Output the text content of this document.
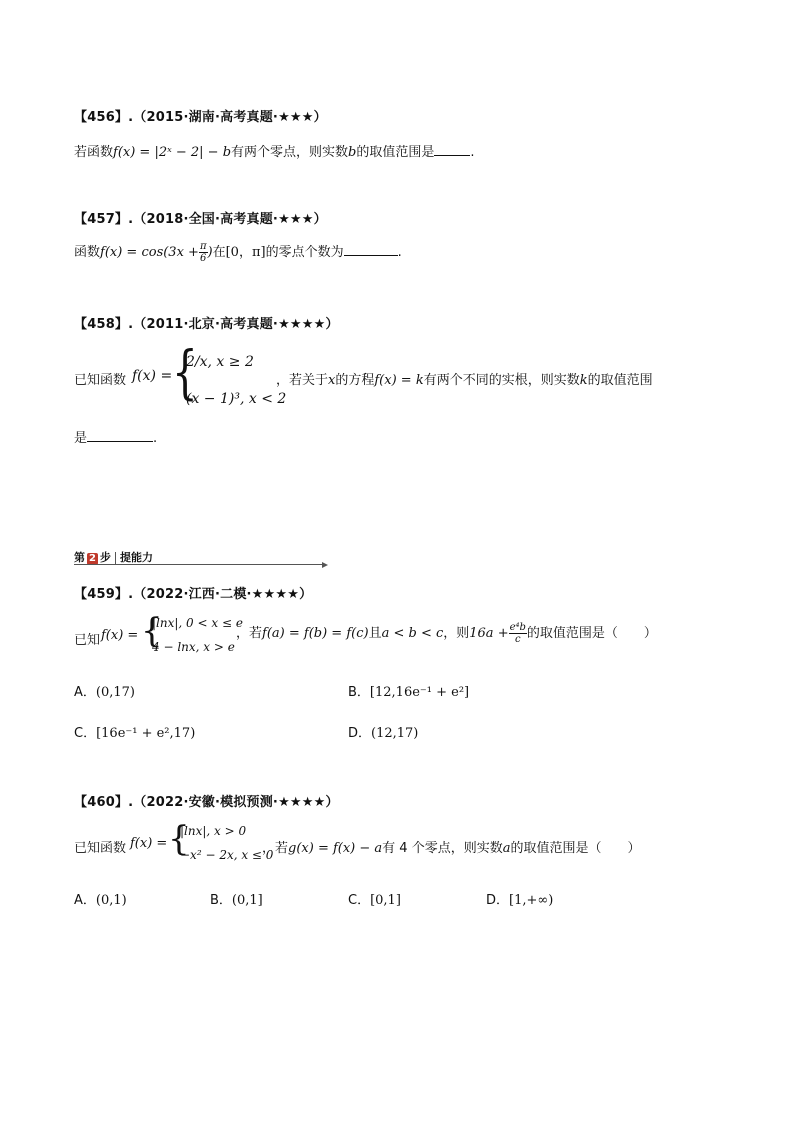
【456】.（2015·湖南·高考真题·★★★）
若函数f(x) = |2ˣ − 2| − b有两个零点，则实数b的取值范围是	.
【457】.（2018·全国·高考真题·★★★）
函数$f(x) = \cos(3x + \frac{\pi}{6}$ )在[0，π]的零点个数为	.
【458】.（2011·北京·高考真题·★★★★）
已知函数 f(x) = {
2/x, x ≥ 2
(x − 1)³, x < 2
，若关于x的方程f(x) = k有两个不同的实根，则实数k的取值范围
是	.
第 2 步 提能力
【459】.（2022·江西·二模·★★★★）
已知 f(x) = {
|lnx|, 0 < x ≤ e
4 − lnx, x > e
，若f(a) = f(b) = f(c)且a < b < c，则$16a + \frac{\text{e⁴b}}{c}$ 的取值范围是（　　）
A．(0,17)	B．[12,16e⁻¹ + e²]
C．[16e⁻¹ + e²,17)	D．(12,17)
【460】.（2022·安徽·模拟预测·★★★★）
已知函数 f(x) = {
|lnx|, x > 0
−x² − 2x, x ≤ 0
，若g(x) = f(x) − a有 4 个零点，则实数a的取值范围是（　　）
A．(0,1)	B．(0,1]	C．[0,1]	D．[1,+∞)
